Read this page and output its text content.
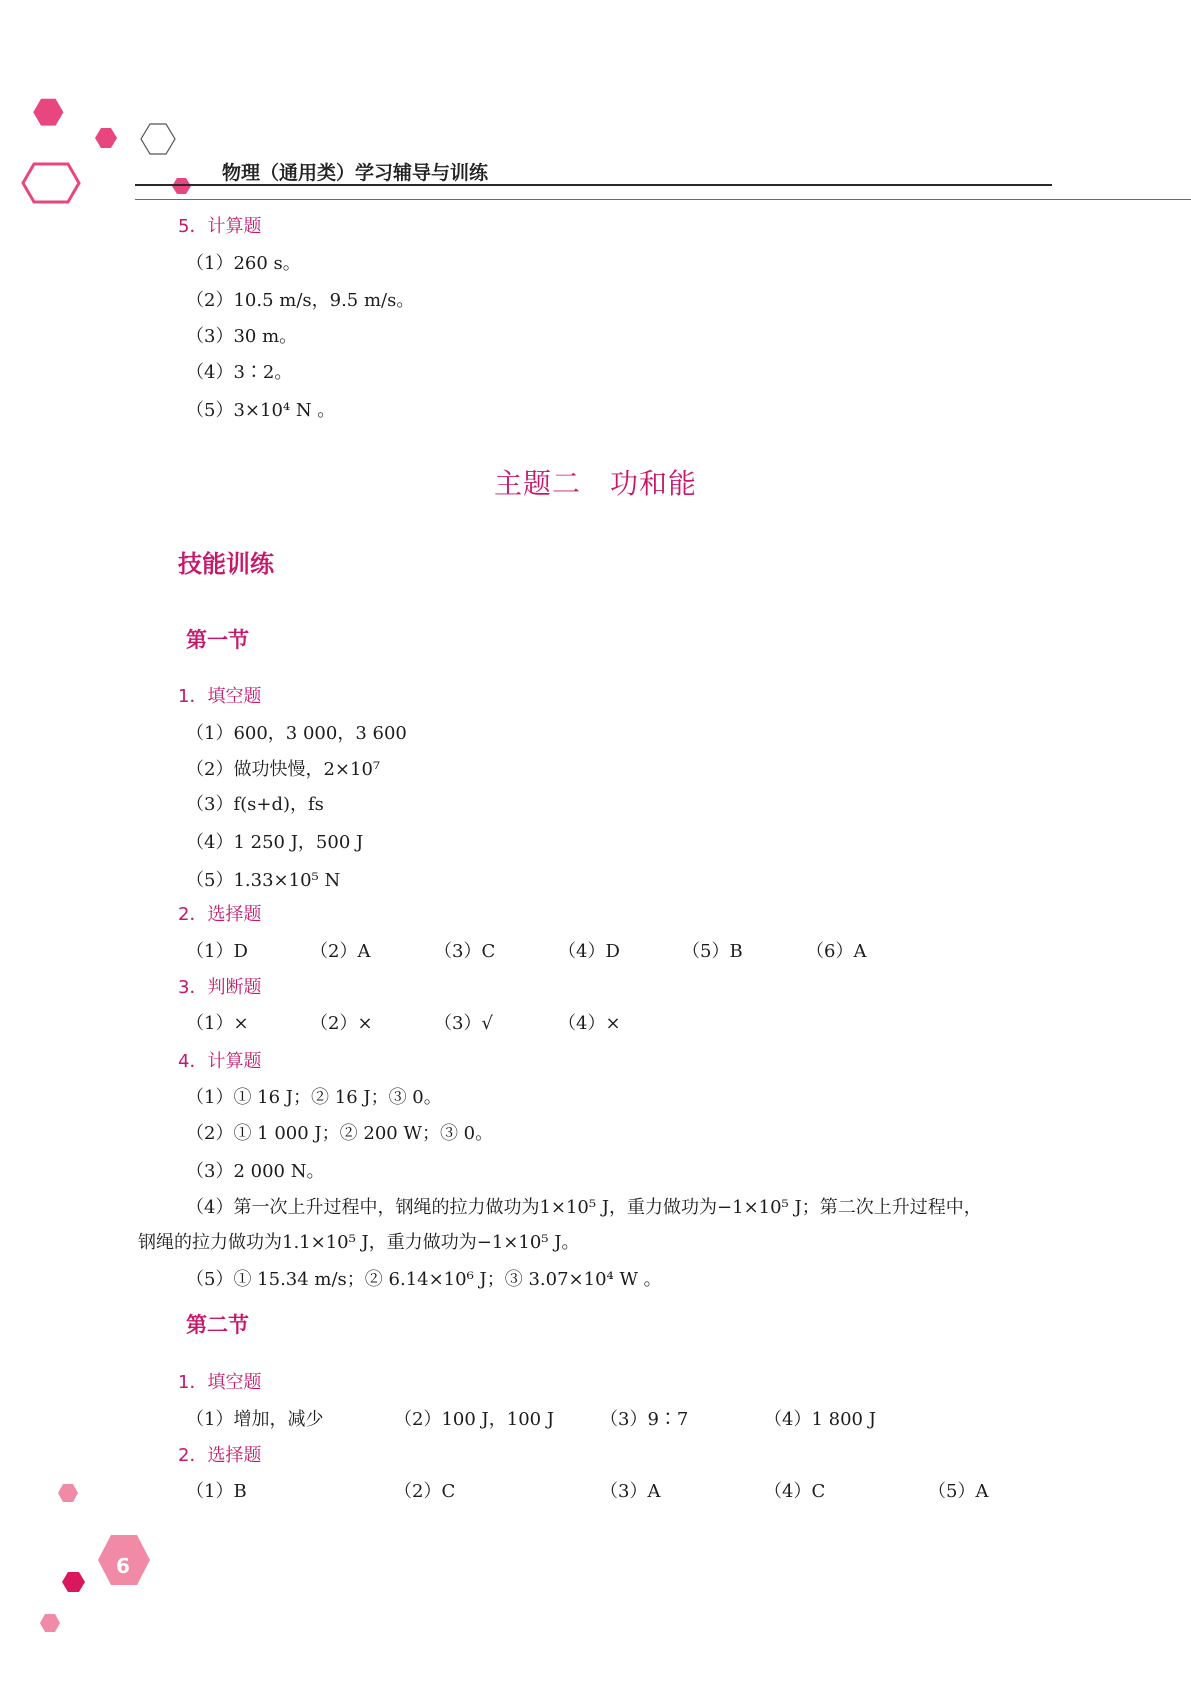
物理（通用类）学习辅导与训练
5．计算题
（1）260 s。
（2）10.5 m/s，9.5 m/s。
（3）30 m。
（4）3∶2。
（5）3×10⁴ N 。
主题二　功和能
技能训练
第一节
1．填空题
（1）600，3 000，3 600
（2）做功快慢，2×10⁷
（3）f(s+d)，fs
（4）1 250 J，500 J
（5）1.33×10⁵ N
2．选择题
（1）D	（2）A	（3）C	（4）D	（5）B	（6）A
3．判断题
（1）×	（2）×	（3）√	（4）×
4．计算题
（1）① 16 J；② 16 J；③ 0。
（2）① 1 000 J；② 200 W；③ 0。
（3）2 000 N。
（4）第一次上升过程中，钢绳的拉力做功为1×10⁵ J，重力做功为−1×10⁵ J；第二次上升过程中，
钢绳的拉力做功为1.1×10⁵ J，重力做功为−1×10⁵ J。
（5）① 15.34 m/s；② 6.14×10⁶ J；③ 3.07×10⁴ W 。
第二节
1．填空题
（1）增加，减少	（2）100 J，100 J	（3）9∶7	（4）1 800 J
2．选择题
（1）B	（2）C	（3）A	（4）C	（5）A
6
